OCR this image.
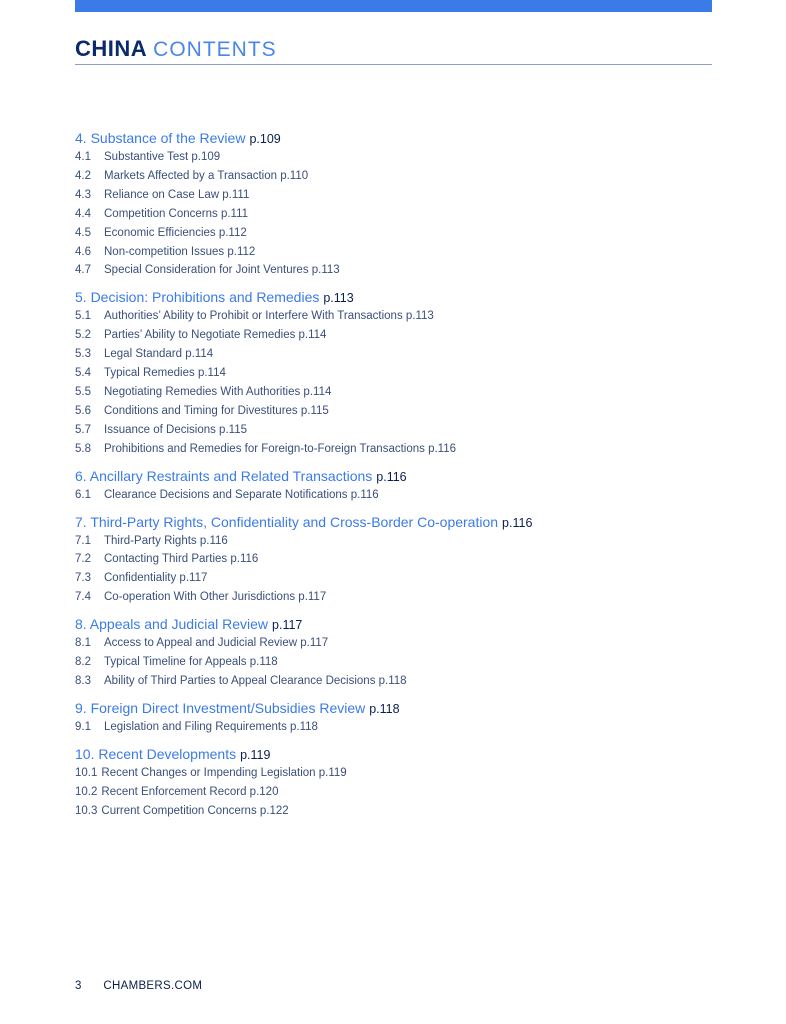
CHINA CONTENTS
4. Substance of the Review p.109
4.1	Substantive Test p.109
4.2	Markets Affected by a Transaction p.110
4.3	Reliance on Case Law p.111
4.4	Competition Concerns p.111
4.5	Economic Efficiencies p.112
4.6	Non-competition Issues p.112
4.7	Special Consideration for Joint Ventures p.113
5. Decision: Prohibitions and Remedies p.113
5.1	Authorities’ Ability to Prohibit or Interfere With Transactions p.113
5.2	Parties’ Ability to Negotiate Remedies p.114
5.3	Legal Standard p.114
5.4	Typical Remedies p.114
5.5	Negotiating Remedies With Authorities p.114
5.6	Conditions and Timing for Divestitures p.115
5.7	Issuance of Decisions p.115
5.8	Prohibitions and Remedies for Foreign-to-Foreign Transactions p.116
6. Ancillary Restraints and Related Transactions p.116
6.1	Clearance Decisions and Separate Notifications p.116
7. Third-Party Rights, Confidentiality and Cross-Border Co-operation p.116
7.1	Third-Party Rights p.116
7.2	Contacting Third Parties p.116
7.3	Confidentiality p.117
7.4	Co-operation With Other Jurisdictions p.117
8. Appeals and Judicial Review p.117
8.1	Access to Appeal and Judicial Review p.117
8.2	Typical Timeline for Appeals p.118
8.3	Ability of Third Parties to Appeal Clearance Decisions p.118
9. Foreign Direct Investment/Subsidies Review p.118
9.1	Legislation and Filing Requirements p.118
10. Recent Developments p.119
10.1 Recent Changes or Impending Legislation p.119
10.2 Recent Enforcement Record p.120
10.3 Current Competition Concerns p.122
3 CHAMBERS.COM
